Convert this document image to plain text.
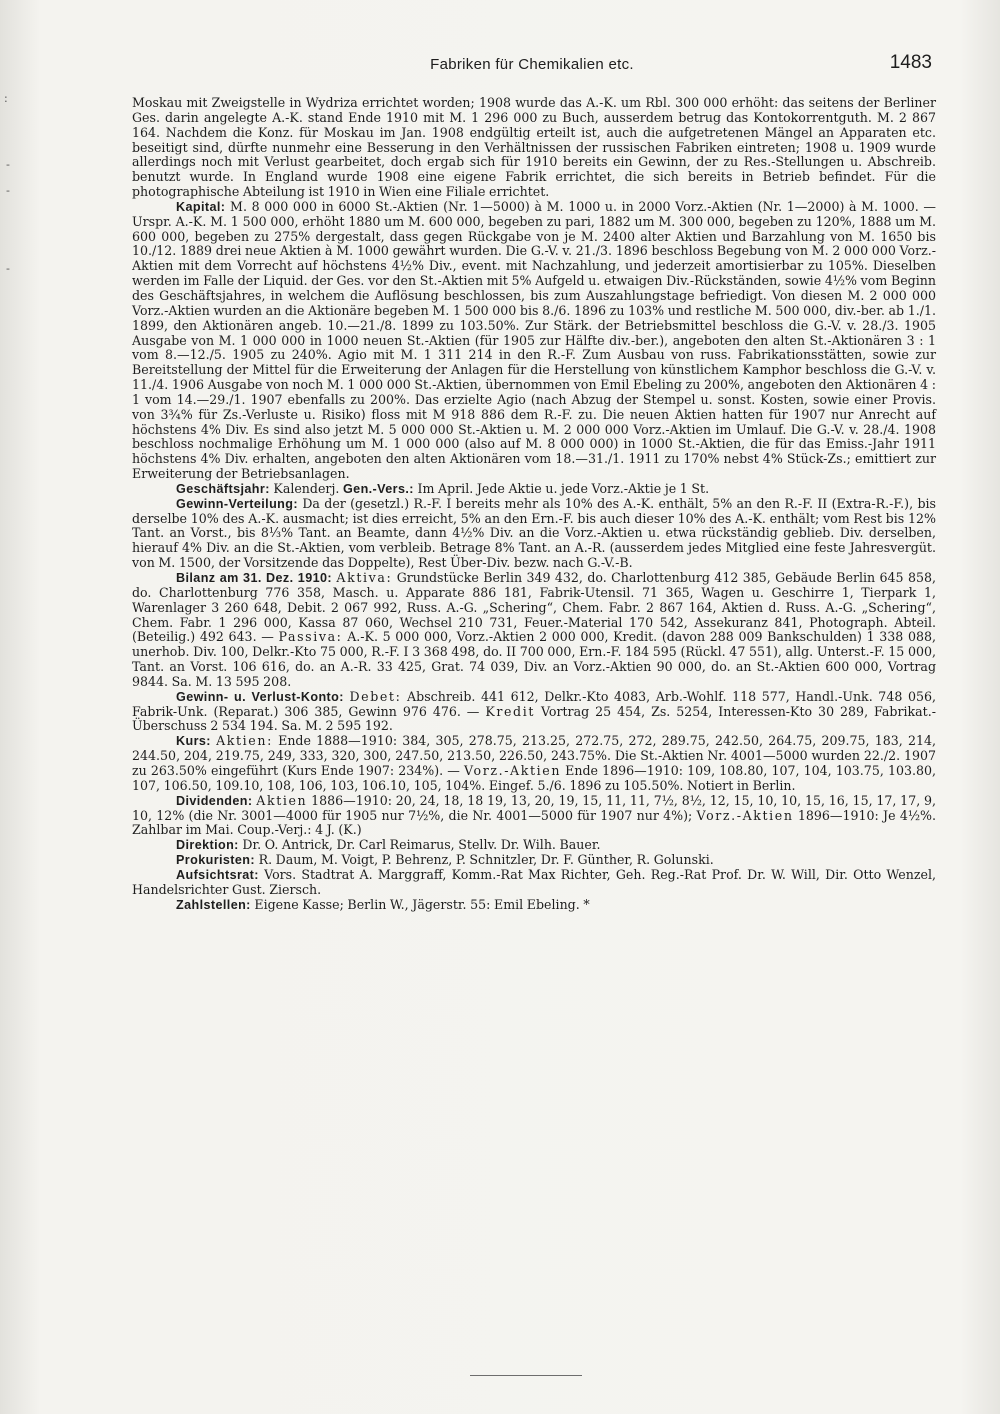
:
-
-
-
Fabriken für Chemikalien etc.	1483

Moskau mit Zweigstelle in Wydriza errichtet worden; 1908 wurde das A.-K. um Rbl. 300 000 erhöht: das seitens der Berliner Ges. darin angelegte A.-K. stand Ende 1910 mit M. 1 296 000 zu Buch, ausserdem betrug das Kontokorrentguth. M. 2 867 164. Nachdem die Konz. für Moskau im Jan. 1908 endgültig erteilt ist, auch die aufgetretenen Mängel an Apparaten etc. beseitigt sind, dürfte nunmehr eine Besserung in den Verhältnissen der russischen Fabriken eintreten; 1908 u. 1909 wurde allerdings noch mit Verlust gearbeitet, doch ergab sich für 1910 bereits ein Gewinn, der zu Res.-Stellungen u. Abschreib. benutzt wurde. In England wurde 1908 eine eigene Fabrik errichtet, die sich bereits in Betrieb befindet. Für die photographische Abteilung ist 1910 in Wien eine Filiale errichtet.

Kapital: M. 8 000 000 in 6000 St.-Aktien (Nr. 1—5000) à M. 1000 u. in 2000 Vorz.-Aktien (Nr. 1—2000) à M. 1000. — Urspr. A.-K. M. 1 500 000, erhöht 1880 um M. 600 000, begeben zu pari, 1882 um M. 300 000, begeben zu 120%, 1888 um M. 600 000, begeben zu 275% dergestalt, dass gegen Rückgabe von je M. 2400 alter Aktien und Barzahlung von M. 1650 bis 10./12. 1889 drei neue Aktien à M. 1000 gewährt wurden. Die G.-V. v. 21./3. 1896 beschloss Begebung von M. 2 000 000 Vorz.-Aktien mit dem Vorrecht auf höchstens 4½% Div., event. mit Nachzahlung, und jederzeit amortisierbar zu 105%. Dieselben werden im Falle der Liquid. der Ges. vor den St.-Aktien mit 5% Aufgeld u. etwaigen Div.-Rückständen, sowie 4½% vom Beginn des Geschäftsjahres, in welchem die Auflösung beschlossen, bis zum Auszahlungstage befriedigt. Von diesen M. 2 000 000 Vorz.-Aktien wurden an die Aktionäre begeben M. 1 500 000 bis 8./6. 1896 zu 103% und restliche M. 500 000, div.-ber. ab 1./1. 1899, den Aktionären angeb. 10.—21./8. 1899 zu 103.50%. Zur Stärk. der Betriebsmittel beschloss die G.-V. v. 28./3. 1905 Ausgabe von M. 1 000 000 in 1000 neuen St.-Aktien (für 1905 zur Hälfte div.-ber.), angeboten den alten St.-Aktionären 3 : 1 vom 8.—12./5. 1905 zu 240%. Agio mit M. 1 311 214 in den R.-F. Zum Ausbau von russ. Fabrikationsstätten, sowie zur Bereitstellung der Mittel für die Erweiterung der Anlagen für die Herstellung von künstlichem Kamphor beschloss die G.-V. v. 11./4. 1906 Ausgabe von noch M. 1 000 000 St.-Aktien, übernommen von Emil Ebeling zu 200%, angeboten den Aktionären 4 : 1 vom 14.—29./1. 1907 ebenfalls zu 200%. Das erzielte Agio (nach Abzug der Stempel u. sonst. Kosten, sowie einer Provis. von 3¾% für Zs.-Verluste u. Risiko) floss mit M 918 886 dem R.-F. zu. Die neuen Aktien hatten für 1907 nur Anrecht auf höchstens 4% Div. Es sind also jetzt M. 5 000 000 St.-Aktien u. M. 2 000 000 Vorz.-Aktien im Umlauf. Die G.-V. v. 28./4. 1908 beschloss nochmalige Erhöhung um M. 1 000 000 (also auf M. 8 000 000) in 1000 St.-Aktien, die für das Emiss.-Jahr 1911 höchstens 4% Div. erhalten, angeboten den alten Aktionären vom 18.—31./1. 1911 zu 170% nebst 4% Stück-Zs.; emittiert zur Erweiterung der Betriebsanlagen.

Geschäftsjahr: Kalenderj. Gen.-Vers.: Im April. Jede Aktie u. jede Vorz.-Aktie je 1 St.

Gewinn-Verteilung: Da der (gesetzl.) R.-F. I bereits mehr als 10% des A.-K. enthält, 5% an den R.-F. II (Extra-R.-F.), bis derselbe 10% des A.-K. ausmacht; ist dies erreicht, 5% an den Ern.-F. bis auch dieser 10% des A.-K. enthält; vom Rest bis 12% Tant. an Vorst., bis 8⅓% Tant. an Beamte, dann 4½% Div. an die Vorz.-Aktien u. etwa rückständig geblieb. Div. derselben, hierauf 4% Div. an die St.-Aktien, vom verbleib. Betrage 8% Tant. an A.-R. (ausserdem jedes Mitglied eine feste Jahresvergüt. von M. 1500, der Vorsitzende das Doppelte), Rest Über-Div. bezw. nach G.-V.-B.

Bilanz am 31. Dez. 1910: Aktiva: Grundstücke Berlin 349 432, do. Charlottenburg 412 385, Gebäude Berlin 645 858, do. Charlottenburg 776 358, Masch. u. Apparate 886 181, Fabrik-Utensil. 71 365, Wagen u. Geschirre 1, Tierpark 1, Warenlager 3 260 648, Debit. 2 067 992, Russ. A.-G. „Schering“, Chem. Fabr. 2 867 164, Aktien d. Russ. A.-G. „Schering“, Chem. Fabr. 1 296 000, Kassa 87 060, Wechsel 210 731, Feuer.-Material 170 542, Assekuranz 841, Photograph. Abteil. (Beteilig.) 492 643. — Passiva: A.-K. 5 000 000, Vorz.-Aktien 2 000 000, Kredit. (davon 288 009 Bankschulden) 1 338 088, unerhob. Div. 100, Delkr.-Kto 75 000, R.-F. I 3 368 498, do. II 700 000, Ern.-F. 184 595 (Rückl. 47 551), allg. Unterst.-F. 15 000, Tant. an Vorst. 106 616, do. an A.-R. 33 425, Grat. 74 039, Div. an Vorz.-Aktien 90 000, do. an St.-Aktien 600 000, Vortrag 9844. Sa. M. 13 595 208.

Gewinn- u. Verlust-Konto: Debet: Abschreib. 441 612, Delkr.-Kto 4083, Arb.-Wohlf. 118 577, Handl.-Unk. 748 056, Fabrik-Unk. (Reparat.) 306 385, Gewinn 976 476. — Kredit Vortrag 25 454, Zs. 5254, Interessen-Kto 30 289, Fabrikat.-Überschuss 2 534 194. Sa. M. 2 595 192.

Kurs: Aktien: Ende 1888—1910: 384, 305, 278.75, 213.25, 272.75, 272, 289.75, 242.50, 264.75, 209.75, 183, 214, 244.50, 204, 219.75, 249, 333, 320, 300, 247.50, 213.50, 226.50, 243.75%. Die St.-Aktien Nr. 4001—5000 wurden 22./2. 1907 zu 263.50% eingeführt (Kurs Ende 1907: 234%). — Vorz.-Aktien Ende 1896—1910: 109, 108.80, 107, 104, 103.75, 103.80, 107, 106.50, 109.10, 108, 106, 103, 106.10, 105, 104%. Eingef. 5./6. 1896 zu 105.50%. Notiert in Berlin.

Dividenden: Aktien 1886—1910: 20, 24, 18, 18 19, 13, 20, 19, 15, 11, 11, 7½, 8½, 12, 15, 10, 10, 15, 16, 15, 17, 17, 9, 10, 12% (die Nr. 3001—4000 für 1905 nur 7½%, die Nr. 4001—5000 für 1907 nur 4%); Vorz.-Aktien 1896—1910: Je 4½%. Zahlbar im Mai. Coup.-Verj.: 4 J. (K.)

Direktion: Dr. O. Antrick, Dr. Carl Reimarus, Stellv. Dr. Wilh. Bauer.

Prokuristen: R. Daum, M. Voigt, P. Behrenz, P. Schnitzler, Dr. F. Günther, R. Golunski.

Aufsichtsrat: Vors. Stadtrat A. Marggraff, Komm.-Rat Max Richter, Geh. Reg.-Rat Prof. Dr. W. Will, Dir. Otto Wenzel, Handelsrichter Gust. Ziersch.

Zahlstellen: Eigene Kasse; Berlin W., Jägerstr. 55: Emil Ebeling. *
